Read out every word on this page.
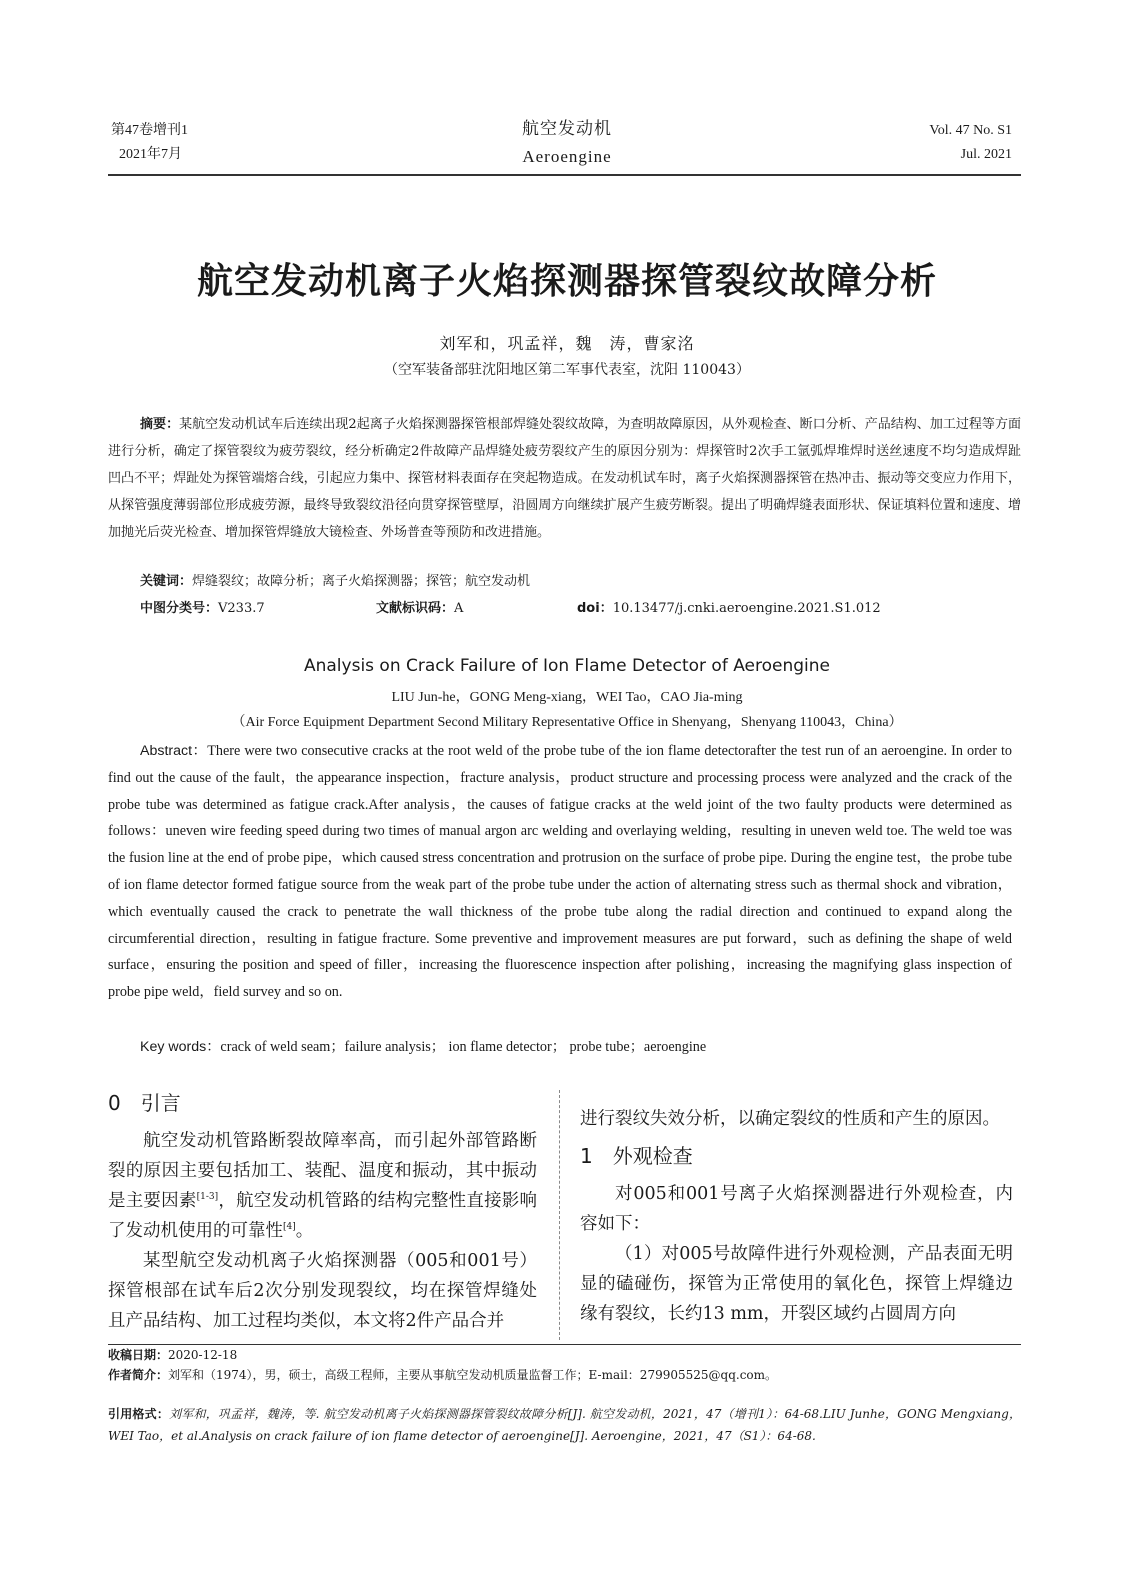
第47卷增刊1
2021年7月
航空发动机
Aeroengine
Vol. 47 No. S1
Jul. 2021
航空发动机离子火焰探测器探管裂纹故障分析
刘军和，巩孟祥，魏　涛，曹家洺
（空军装备部驻沈阳地区第二军事代表室，沈阳 110043）
摘要：某航空发动机试车后连续出现2起离子火焰探测器探管根部焊缝处裂纹故障，为查明故障原因，从外观检查、断口分析、产品结构、加工过程等方面进行分析，确定了探管裂纹为疲劳裂纹，经分析确定2件故障产品焊缝处疲劳裂纹产生的原因分别为：焊探管时2次手工氩弧焊堆焊时送丝速度不均匀造成焊趾凹凸不平；焊趾处为探管端熔合线，引起应力集中、探管材料表面存在突起物造成。在发动机试车时，离子火焰探测器探管在热冲击、振动等交变应力作用下，从探管强度薄弱部位形成疲劳源，最终导致裂纹沿径向贯穿探管壁厚，沿圆周方向继续扩展产生疲劳断裂。提出了明确焊缝表面形状、保证填料位置和速度、增加抛光后荧光检查、增加探管焊缝放大镜检查、外场普查等预防和改进措施。
关键词：焊缝裂纹；故障分析；离子火焰探测器；探管；航空发动机
中图分类号：V233.7	文献标识码：A	doi：10.13477/j.cnki.aeroengine.2021.S1.012
Analysis on Crack Failure of Ion Flame Detector of Aeroengine
LIU Jun-he，GONG Meng-xiang，WEI Tao，CAO Jia-ming
（Air Force Equipment Department Second Military Representative Office in Shenyang，Shenyang 110043，China）
Abstract：There were two consecutive cracks at the root weld of the probe tube of the ion flame detectorafter the test run of an aeroengine. In order to find out the cause of the fault，the appearance inspection，fracture analysis，product structure and processing process were analyzed and the crack of the probe tube was determined as fatigue crack.After analysis，the causes of fatigue cracks at the weld joint of the two faulty products were determined as follows：uneven wire feeding speed during two times of manual argon arc welding and overlaying welding，resulting in uneven weld toe. The weld toe was the fusion line at the end of probe pipe，which caused stress concentration and protrusion on the surface of probe pipe. During the engine test，the probe tube of ion flame detector formed fatigue source from the weak part of the probe tube under the action of alternating stress such as thermal shock and vibration，which eventually caused the crack to penetrate the wall thickness of the probe tube along the radial direction and continued to expand along the circumferential direction，resulting in fatigue fracture. Some preventive and improvement measures are put forward，such as defining the shape of weld surface，ensuring the position and speed of filler，increasing the fluorescence inspection after polishing，increasing the magnifying glass inspection of probe pipe weld，field survey and so on.
Key words：crack of weld seam；failure analysis； ion flame detector； probe tube；aeroengine
0　引言

航空发动机管路断裂故障率高，而引起外部管路断裂的原因主要包括加工、装配、温度和振动，其中振动是主要因素[1-3]，航空发动机管路的结构完整性直接影响了发动机使用的可靠性[4]。

某型航空发动机离子火焰探测器（005和001号）探管根部在试车后2次分别发现裂纹，均在探管焊缝处且产品结构、加工过程均类似，本文将2件产品合并

进行裂纹失效分析，以确定裂纹的性质和产生的原因。

1　外观检查

对005和001号离子火焰探测器进行外观检查，内容如下：

（1）对005号故障件进行外观检测，产品表面无明显的磕碰伤，探管为正常使用的氧化色，探管上焊缝边缘有裂纹，长约13 mm，开裂区域约占圆周方向

收稿日期：2020-12-18
作者简介：刘军和（1974），男，硕士，高级工程师，主要从事航空发动机质量监督工作；E-mail：279905525@qq.com。
引用格式：刘军和，巩孟祥，魏涛，等. 航空发动机离子火焰探测器探管裂纹故障分析[J]. 航空发动机，2021，47（增刊1）：64-68.LIU Junhe，GONG Mengxiang，WEI Tao，et al.Analysis on crack failure of ion flame detector of aeroengine[J]. Aeroengine，2021，47（S1）：64-68.
